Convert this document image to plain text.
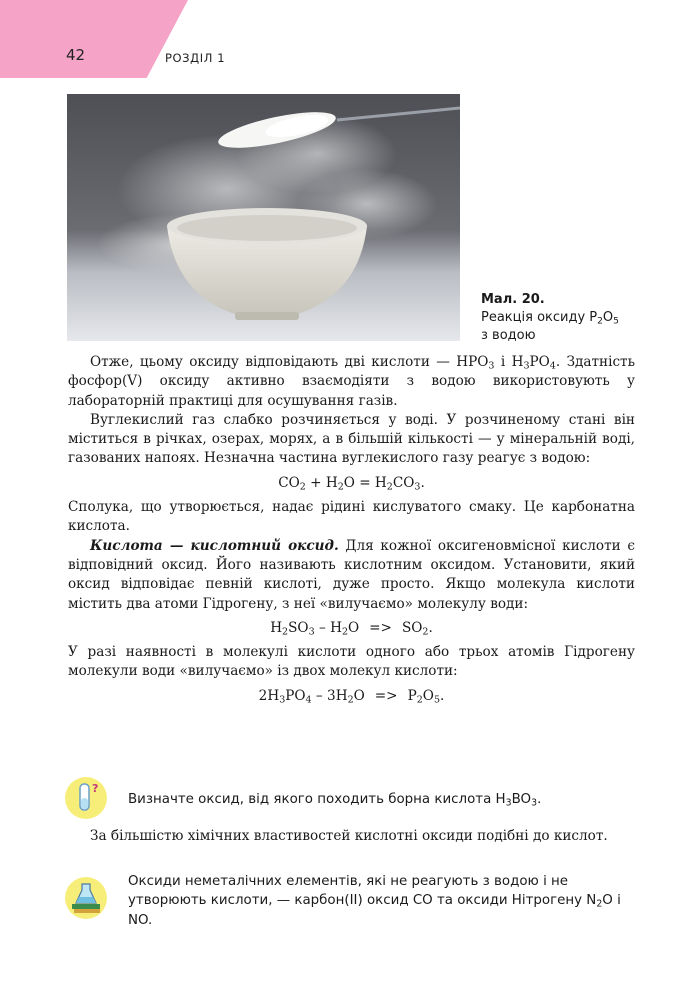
42	РОЗДІЛ 1
Мал. 20.
Реакція оксиду $P_2O_5$
з водою

Отже, цьому оксиду відповідають дві кислоти — $HPO_3$ і $H_3PO_4$. Здатність фосфор(V) оксиду активно взаємодіяти з водою використовують у лабораторній практиці для осушування газів.

Вуглекислий газ слабко розчиняється у воді. У розчиненому стані він міститься в річках, озерах, морях, а в більшій кількості — у мінеральній воді, газованих напоях. Незначна частина вуглекислого газу реагує з водою:

$CO_2 + H_2O = H_2CO_3$.

Сполука, що утворюється, надає рідині кислуватого смаку. Це карбонатна кислота.

Кислота — кислотний оксид. Для кожної оксигеновмісної кислоти є відповідний оксид. Його називають кислотним оксидом. Установити, який оксид відповідає певній кислоті, дуже просто. Якщо молекула кислоти містить два атоми Гідрогену, з неї «вилучаємо» молекулу води:

$H_2SO_3 - H_2O => SO_2$.

У разі наявності в молекулі кислоти одного або трьох атомів Гідрогену молекули води «вилучаємо» із двох молекул кислоти:

$2H_3PO_4 - 3H_2O => P_2O_5$.
?
Визначте оксид, від якого походить борна кислота $H_3BO_3$.

За більшістю хімічних властивостей кислотні оксиди подібні до кислот.

Оксиди неметалічних елементів, які не реагують з водою і не утворюють кислоти, — карбон(II) оксид CO та оксиди Нітрогену $N_2O$ і NO.
